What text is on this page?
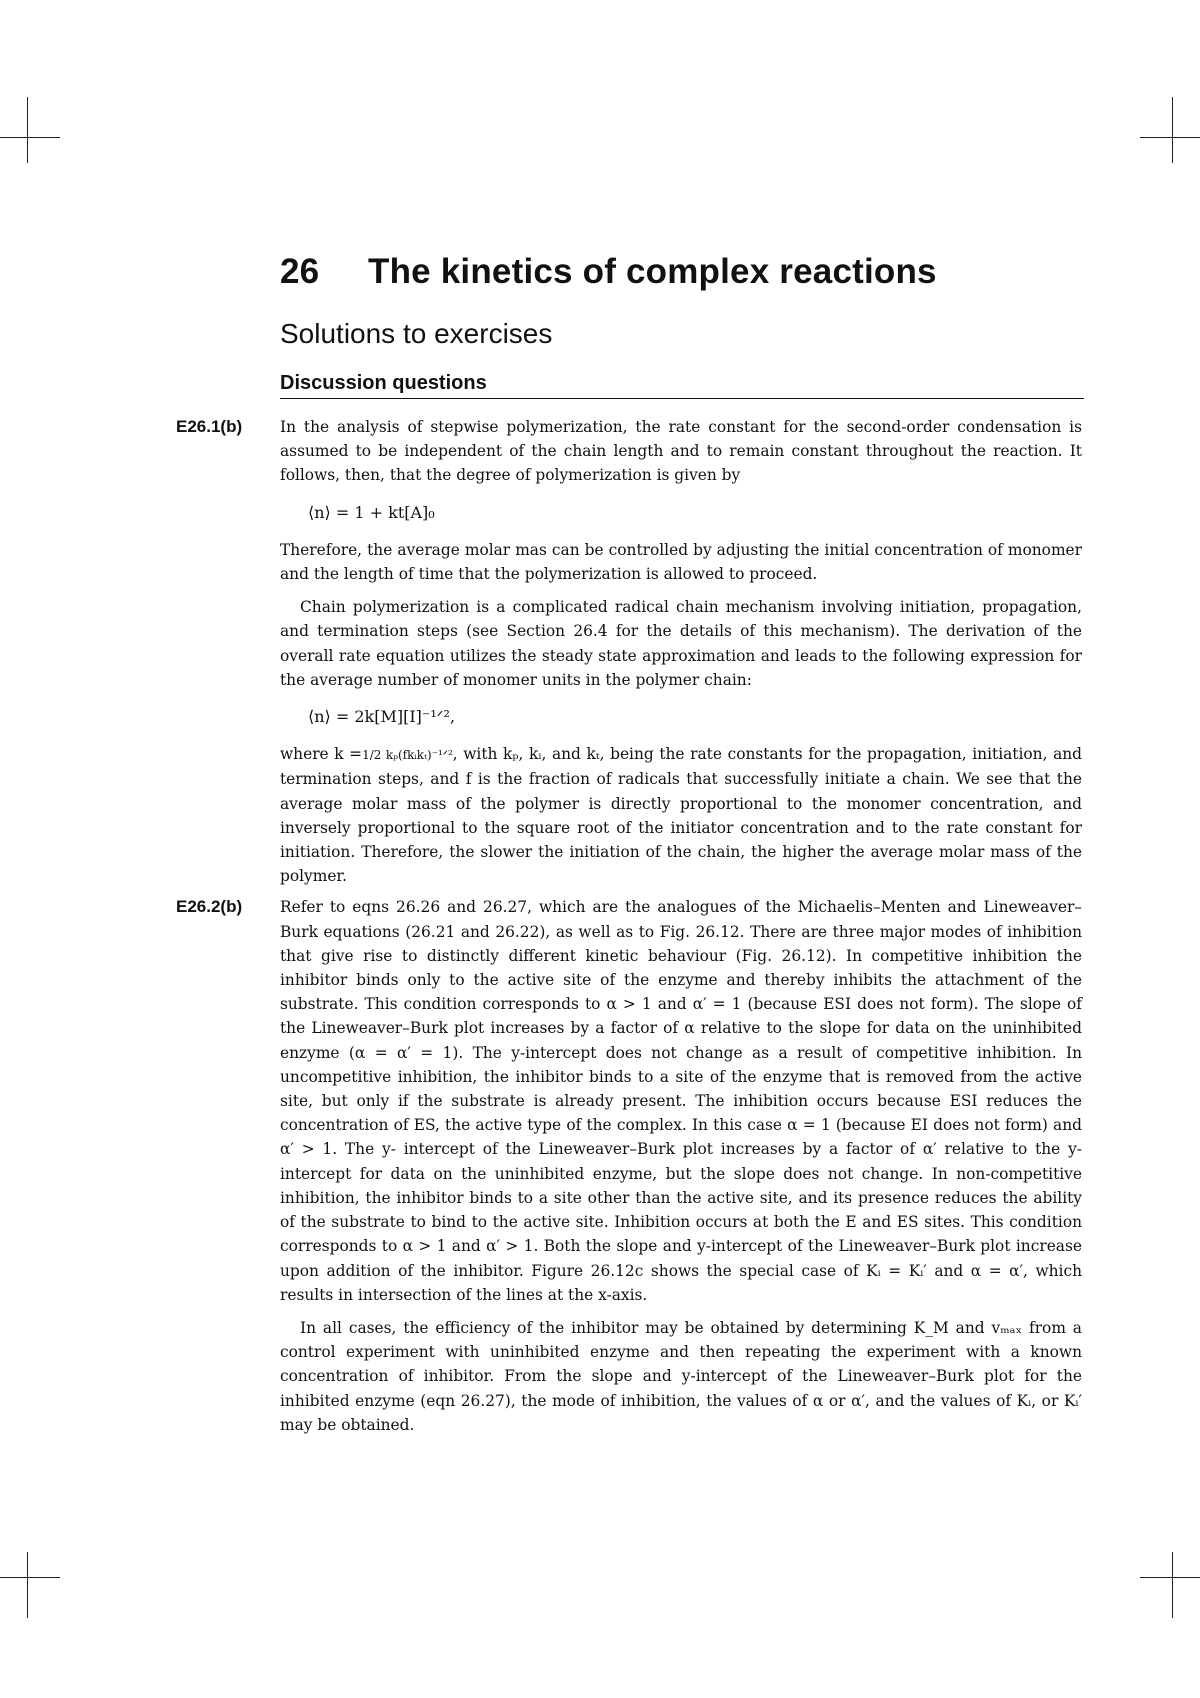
26 The kinetics of complex reactions
Solutions to exercises
Discussion questions
E26.1(b) In the analysis of stepwise polymerization, the rate constant for the second-order condensation is assumed to be independent of the chain length and to remain constant throughout the reaction. It follows, then, that the degree of polymerization is given by

⟨n⟩ = 1 + kt[A]₀

Therefore, the average molar mas can be controlled by adjusting the initial concentration of monomer and the length of time that the polymerization is allowed to proceed.

Chain polymerization is a complicated radical chain mechanism involving initiation, propagation, and termination steps (see Section 26.4 for the details of this mechanism). The derivation of the overall rate equation utilizes the steady state approximation and leads to the following expression for the average number of monomer units in the polymer chain:

⟨n⟩ = 2k[M][I]⁻¹ᐟ²,

where k =1/2 kₚ(fkᵢkₜ)⁻¹ᐟ², with kₚ, kᵢ, and kₜ, being the rate constants for the propagation, initiation, and termination steps, and f is the fraction of radicals that successfully initiate a chain. We see that the average molar mass of the polymer is directly proportional to the monomer concentration, and inversely proportional to the square root of the initiator concentration and to the rate constant for initiation. Therefore, the slower the initiation of the chain, the higher the average molar mass of the polymer.

E26.2(b) Refer to eqns 26.26 and 26.27, which are the analogues of the Michaelis–Menten and Lineweaver–Burk equations (26.21 and 26.22), as well as to Fig. 26.12. There are three major modes of inhibition that give rise to distinctly different kinetic behaviour (Fig. 26.12). In competitive inhibition the inhibitor binds only to the active site of the enzyme and thereby inhibits the attachment of the substrate. This condition corresponds to α > 1 and α′ = 1 (because ESI does not form). The slope of the Lineweaver–Burk plot increases by a factor of α relative to the slope for data on the uninhibited enzyme (α = α′ = 1). The y-intercept does not change as a result of competitive inhibition. In uncompetitive inhibition, the inhibitor binds to a site of the enzyme that is removed from the active site, but only if the substrate is already present. The inhibition occurs because ESI reduces the concentration of ES, the active type of the complex. In this case α = 1 (because EI does not form) and α′ > 1. The y- intercept of the Lineweaver–Burk plot increases by a factor of α′ relative to the y-intercept for data on the uninhibited enzyme, but the slope does not change. In non-competitive inhibition, the inhibitor binds to a site other than the active site, and its presence reduces the ability of the substrate to bind to the active site. Inhibition occurs at both the E and ES sites. This condition corresponds to α > 1 and α′ > 1. Both the slope and y-intercept of the Lineweaver–Burk plot increase upon addition of the inhibitor. Figure 26.12c shows the special case of Kᵢ = Kᵢ′ and α = α′, which results in intersection of the lines at the x-axis.

In all cases, the efficiency of the inhibitor may be obtained by determining K_M and vₘₐₓ from a control experiment with uninhibited enzyme and then repeating the experiment with a known concentration of inhibitor. From the slope and y-intercept of the Lineweaver–Burk plot for the inhibited enzyme (eqn 26.27), the mode of inhibition, the values of α or α′, and the values of Kᵢ, or Kᵢ′ may be obtained.
